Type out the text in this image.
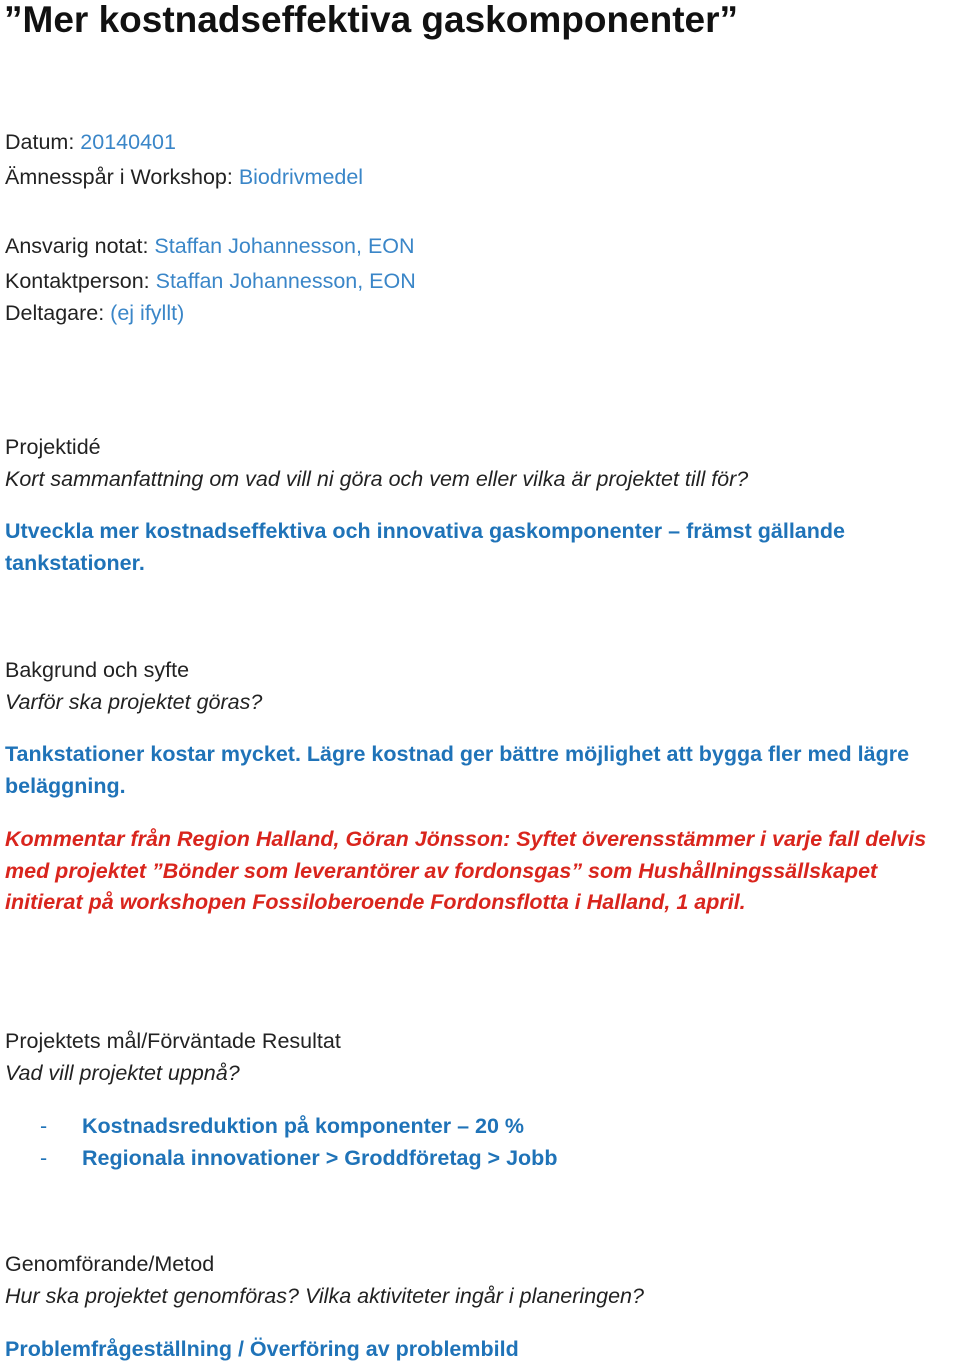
”Mer kostnadseffektiva gaskomponenter”
Datum: 20140401
Ämnesspår i Workshop: Biodrivmedel
Ansvarig notat: Staffan Johannesson, EON
Kontaktperson: Staffan Johannesson, EON
Deltagare: (ej ifyllt)
Projektidé
Kort sammanfattning om vad vill ni göra och vem eller vilka är projektet till för?
Utveckla mer kostnadseffektiva och innovativa gaskomponenter – främst gällande tankstationer.
Bakgrund och syfte
Varför ska projektet göras?
Tankstationer kostar mycket. Lägre kostnad ger bättre möjlighet att bygga fler med lägre beläggning.
Kommentar från Region Halland, Göran Jönsson: Syftet överensstämmer i varje fall delvis med projektet ”Bönder som leverantörer av fordonsgas” som Hushållningssällskapet initierat på workshopen Fossiloberoende Fordonsflotta i Halland, 1 april.
Projektets mål/Förväntade Resultat
Vad vill projektet uppnå?
- Kostnadsreduktion på komponenter – 20 %
- Regionala innovationer > Groddföretag > Jobb
Genomförande/Metod
Hur ska projektet genomföras? Vilka aktiviteter ingår i planeringen?
Problemfrågeställning / Överföring av problembild
